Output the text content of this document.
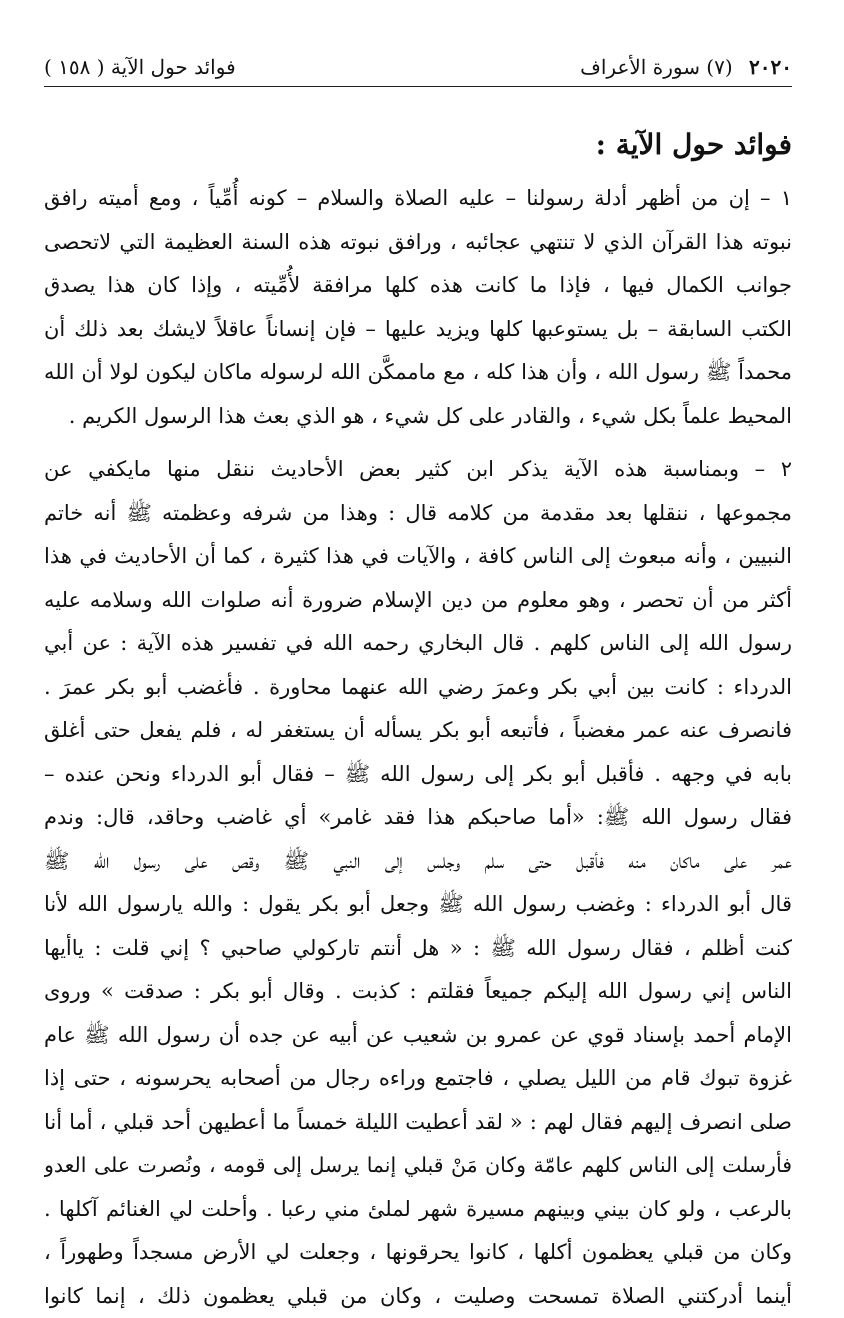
٢٠٢٠ (٧) سورة الأعراف
فوائد حول الآية ( ١٥٨ )
فوائد حول الآية :
١ – إن من أظهر أدلة رسولنا – عليه الصلاة والسلام – كونه أُمِّياً ، ومع أميته رافق
نبوته هذا القرآن الذي لا تنتهي عجائبه ، ورافق نبوته هذه السنة العظيمة التي لاتحصى
جوانب الكمال فيها ، فإذا ما كانت هذه كلها مرافقة لأُمِّيته ، وإذا كان هذا يصدق
الكتب السابقة – بل يستوعبها كلها ويزيد عليها – فإن إنساناً عاقلاً لايشك بعد ذلك أن
محمداً ﷺ رسول الله ، وأن هذا كله ، مع ماممكَّن الله لرسوله ماكان ليكون لولا أن الله
المحيط علماً بكل شيء ، والقادر على كل شيء ، هو الذي بعث هذا الرسول الكريم .
٢ – وبمناسبة هذه الآية يذكر ابن كثير بعض الأحاديث ننقل منها مايكفي عن
مجموعها ، ننقلها بعد مقدمة من كلامه قال : وهذا من شرفه وعظمته ﷺ أنه خاتم
النبيين ، وأنه مبعوث إلى الناس كافة ، والآيات في هذا كثيرة ، كما أن الأحاديث في هذا
أكثر من أن تحصر ، وهو معلوم من دين الإسلام ضرورة أنه صلوات الله وسلامه عليه
رسول الله إلى الناس كلهم . قال البخاري رحمه الله في تفسير هذه الآية : عن أبي
الدرداء : كانت بين أبي بكر وعمرَ رضي الله عنهما محاورة . فأغضب أبو بكر عمرَ .
فانصرف عنه عمر مغضباً ، فأتبعه أبو بكر يسأله أن يستغفر له ، فلم يفعل حتى أغلق
بابه في وجهه . فأقبل أبو بكر إلى رسول الله ﷺ – فقال أبو الدرداء ونحن عنده –
فقال رسول الله ﷺ: «أما صاحبكم هذا فقد غامر» أي غاضب وحاقد، قال: وندم
عمر على ماكان منه فأقبل حتى سلم وجلس إلى النبي ﷺ وقص على رسول الله ﷺ
قال أبو الدرداء : وغضب رسول الله ﷺ وجعل أبو بكر يقول : والله يارسول الله لأنا
كنت أظلم ، فقال رسول الله ﷺ : « هل أنتم تاركولي صاحبي ؟ إني قلت : ياأيها
الناس إني رسول الله إليكم جميعاً فقلتم : كذبت . وقال أبو بكر : صدقت » وروى
الإمام أحمد بإسناد قوي عن عمرو بن شعيب عن أبيه عن جده أن رسول الله ﷺ عام
غزوة تبوك قام من الليل يصلي ، فاجتمع وراءه رجال من أصحابه يحرسونه ، حتى إذا
صلى انصرف إليهم فقال لهم : « لقد أعطيت الليلة خمساً ما أعطيهن أحد قبلي ، أما أنا
فأرسلت إلى الناس كلهم عامّة وكان مَنْ قبلي إنما يرسل إلى قومه ، ونُصرت على العدو
بالرعب ، ولو كان بيني وبينهم مسيرة شهر لملئ مني رعبا . وأحلت لي الغنائم آكلها .
وكان من قبلي يعظمون أكلها ، كانوا يحرقونها ، وجعلت لي الأرض مسجداً وطهوراً ،
أينما أدركتني الصلاة تمسحت وصليت ، وكان من قبلي يعظمون ذلك ، إنما كانوا
